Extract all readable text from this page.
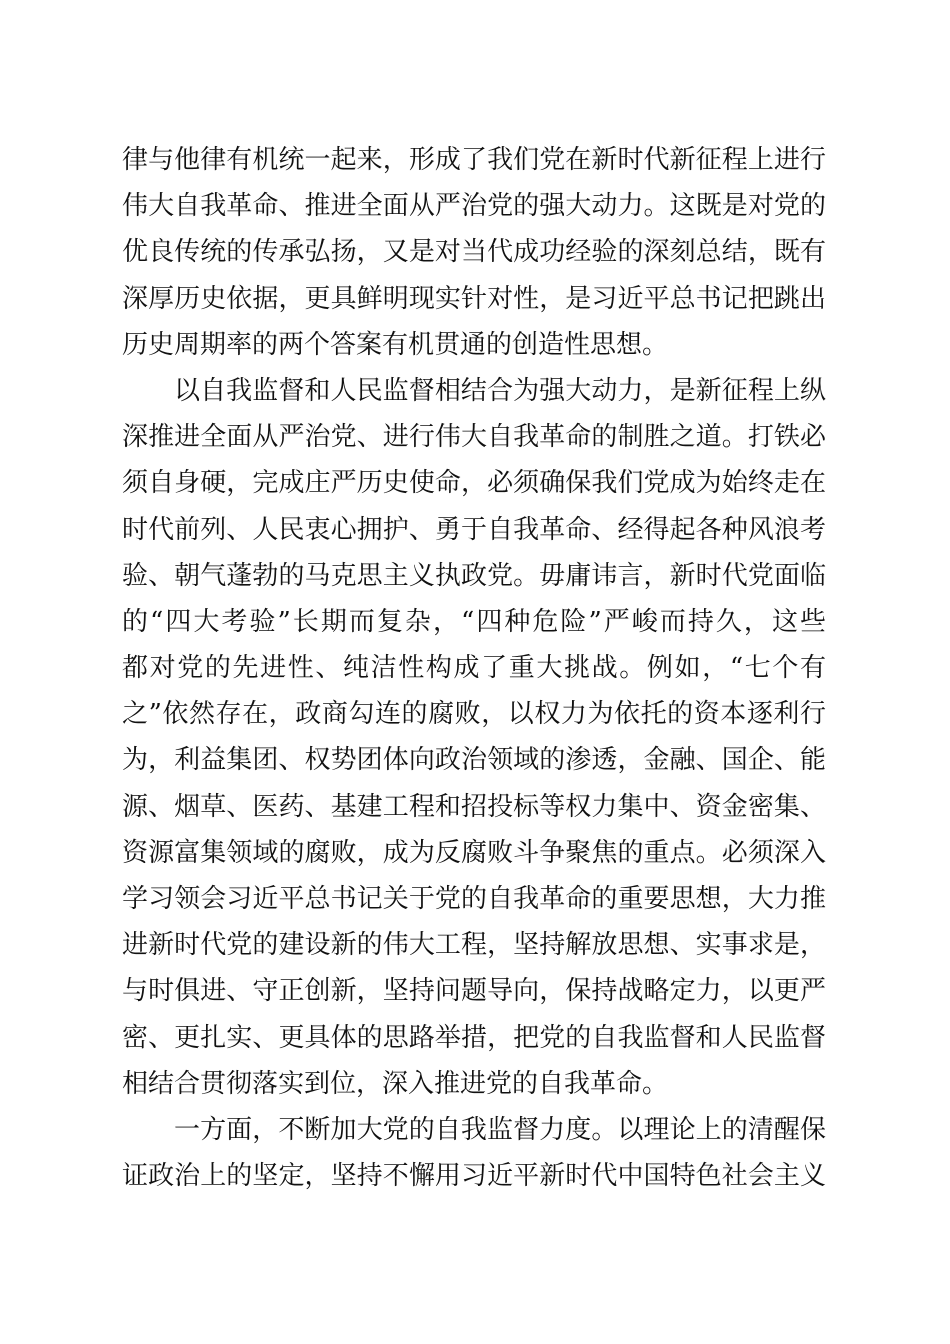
律与他律有机统一起来，形成了我们党在新时代新征程上进行
伟大自我革命、推进全面从严治党的强大动力。这既是对党的
优良传统的传承弘扬，又是对当代成功经验的深刻总结，既有
深厚历史依据，更具鲜明现实针对性，是习近平总书记把跳出
历史周期率的两个答案有机贯通的创造性思想。
以自我监督和人民监督相结合为强大动力，是新征程上纵
深推进全面从严治党、进行伟大自我革命的制胜之道。打铁必
须自身硬，完成庄严历史使命，必须确保我们党成为始终走在
时代前列、人民衷心拥护、勇于自我革命、经得起各种风浪考
验、朝气蓬勃的马克思主义执政党。毋庸讳言，新时代党面临
的“四大考验”长期而复杂，“四种危险”严峻而持久，这些
都对党的先进性、纯洁性构成了重大挑战。例如，“七个有
之”依然存在，政商勾连的腐败，以权力为依托的资本逐利行
为，利益集团、权势团体向政治领域的渗透，金融、国企、能
源、烟草、医药、基建工程和招投标等权力集中、资金密集、
资源富集领域的腐败，成为反腐败斗争聚焦的重点。必须深入
学习领会习近平总书记关于党的自我革命的重要思想，大力推
进新时代党的建设新的伟大工程，坚持解放思想、实事求是，
与时俱进、守正创新，坚持问题导向，保持战略定力，以更严
密、更扎实、更具体的思路举措，把党的自我监督和人民监督
相结合贯彻落实到位，深入推进党的自我革命。
一方面，不断加大党的自我监督力度。以理论上的清醒保
证政治上的坚定，坚持不懈用习近平新时代中国特色社会主义
